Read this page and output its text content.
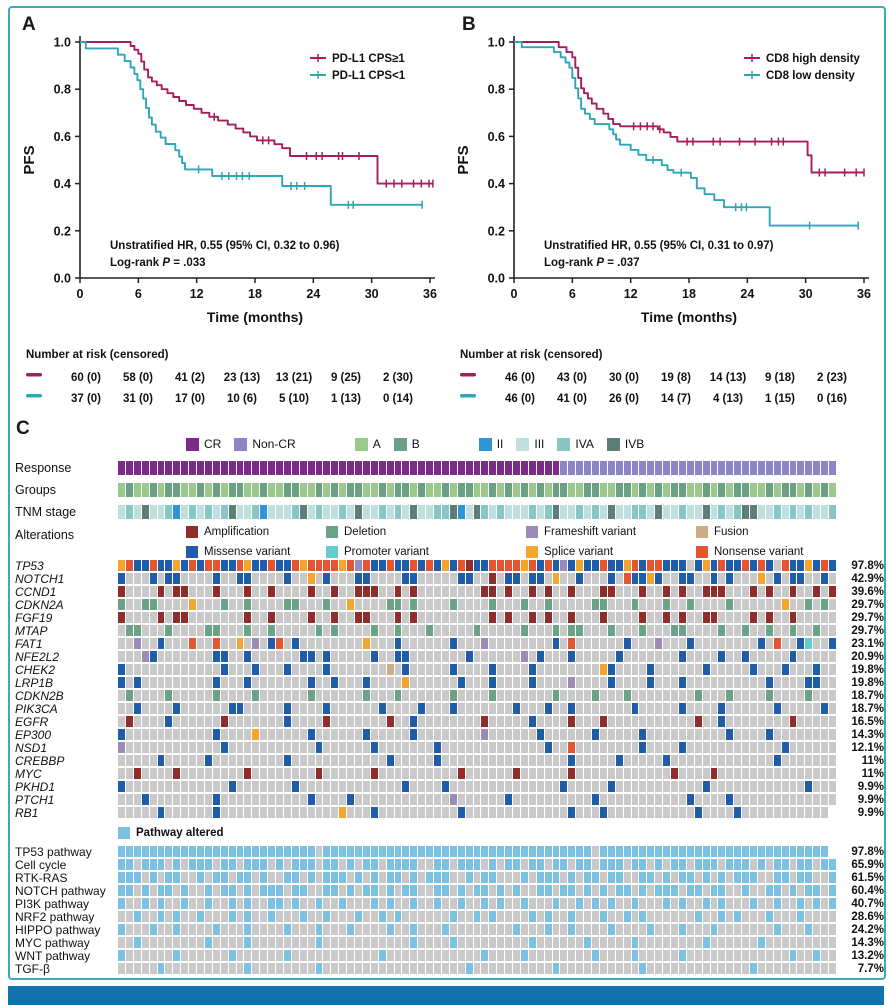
A	B
C
0	6	12	18	24	30	36
1.0
0.8
0.6
0.4
0.2
0.0
Time (months)
PFS
PD-L1 CPS≥1
PD-L1 CPS<1
Unstratified HR, 0.55 (95% CI, 0.32 to 0.96)
Log-rank P = .033
Number at risk (censored)
60 (0) 58 (0) 41 (2) 23 (13) 13 (21) 9 (25) 2 (30)
37 (0) 31 (0) 17 (0) 10 (6) 5 (10) 1 (13) 0 (14)
0	6	12	18	24	30	36
1.0
0.8
0.6
0.4
0.2
0.0
Time (months)
PFS
CD8 high density
CD8 low density
Unstratified HR, 0.55 (95% CI, 0.31 to 0.97)
Log-rank P = .037
Number at risk (censored)
46 (0) 43 (0) 30 (0) 19 (8) 14 (13) 9 (18) 2 (23)
46 (0) 41 (0) 26 (0) 14 (7) 4 (13) 1 (15) 0 (16)
CR	Non-CR	A	B	II	III	IVA	IVB
Response
Groups
TNM stage
Alterations	Amplification	Deletion	Frameshift variant	Fusion
Missense variant	Promoter variant	Splice variant	Nonsense variant
TP53	97.8%
NOTCH1	42.9%
CCND1	39.6%
CDKN2A	29.7%
FGF19	29.7%
MTAP	29.7%
FAT1	23.1%
NFE2L2	20.9%
CHEK2	19.8%
LRP1B	19.8%
CDKN2B	18.7%
PIK3CA	18.7%
EGFR	16.5%
EP300	14.3%
NSD1	12.1%
CREBBP	11%
MYC	11%
PKHD1	9.9%
PTCH1	9.9%
RB1	9.9%
Pathway altered
TP53 pathway	97.8%
Cell cycle	65.9%
RTK-RAS	61.5%
NOTCH pathway	60.4%
PI3K pathway	40.7%
NRF2 pathway	28.6%
HIPPO pathway	24.2%
MYC pathway	14.3%
WNT pathway	13.2%
TGF-β	7.7%
